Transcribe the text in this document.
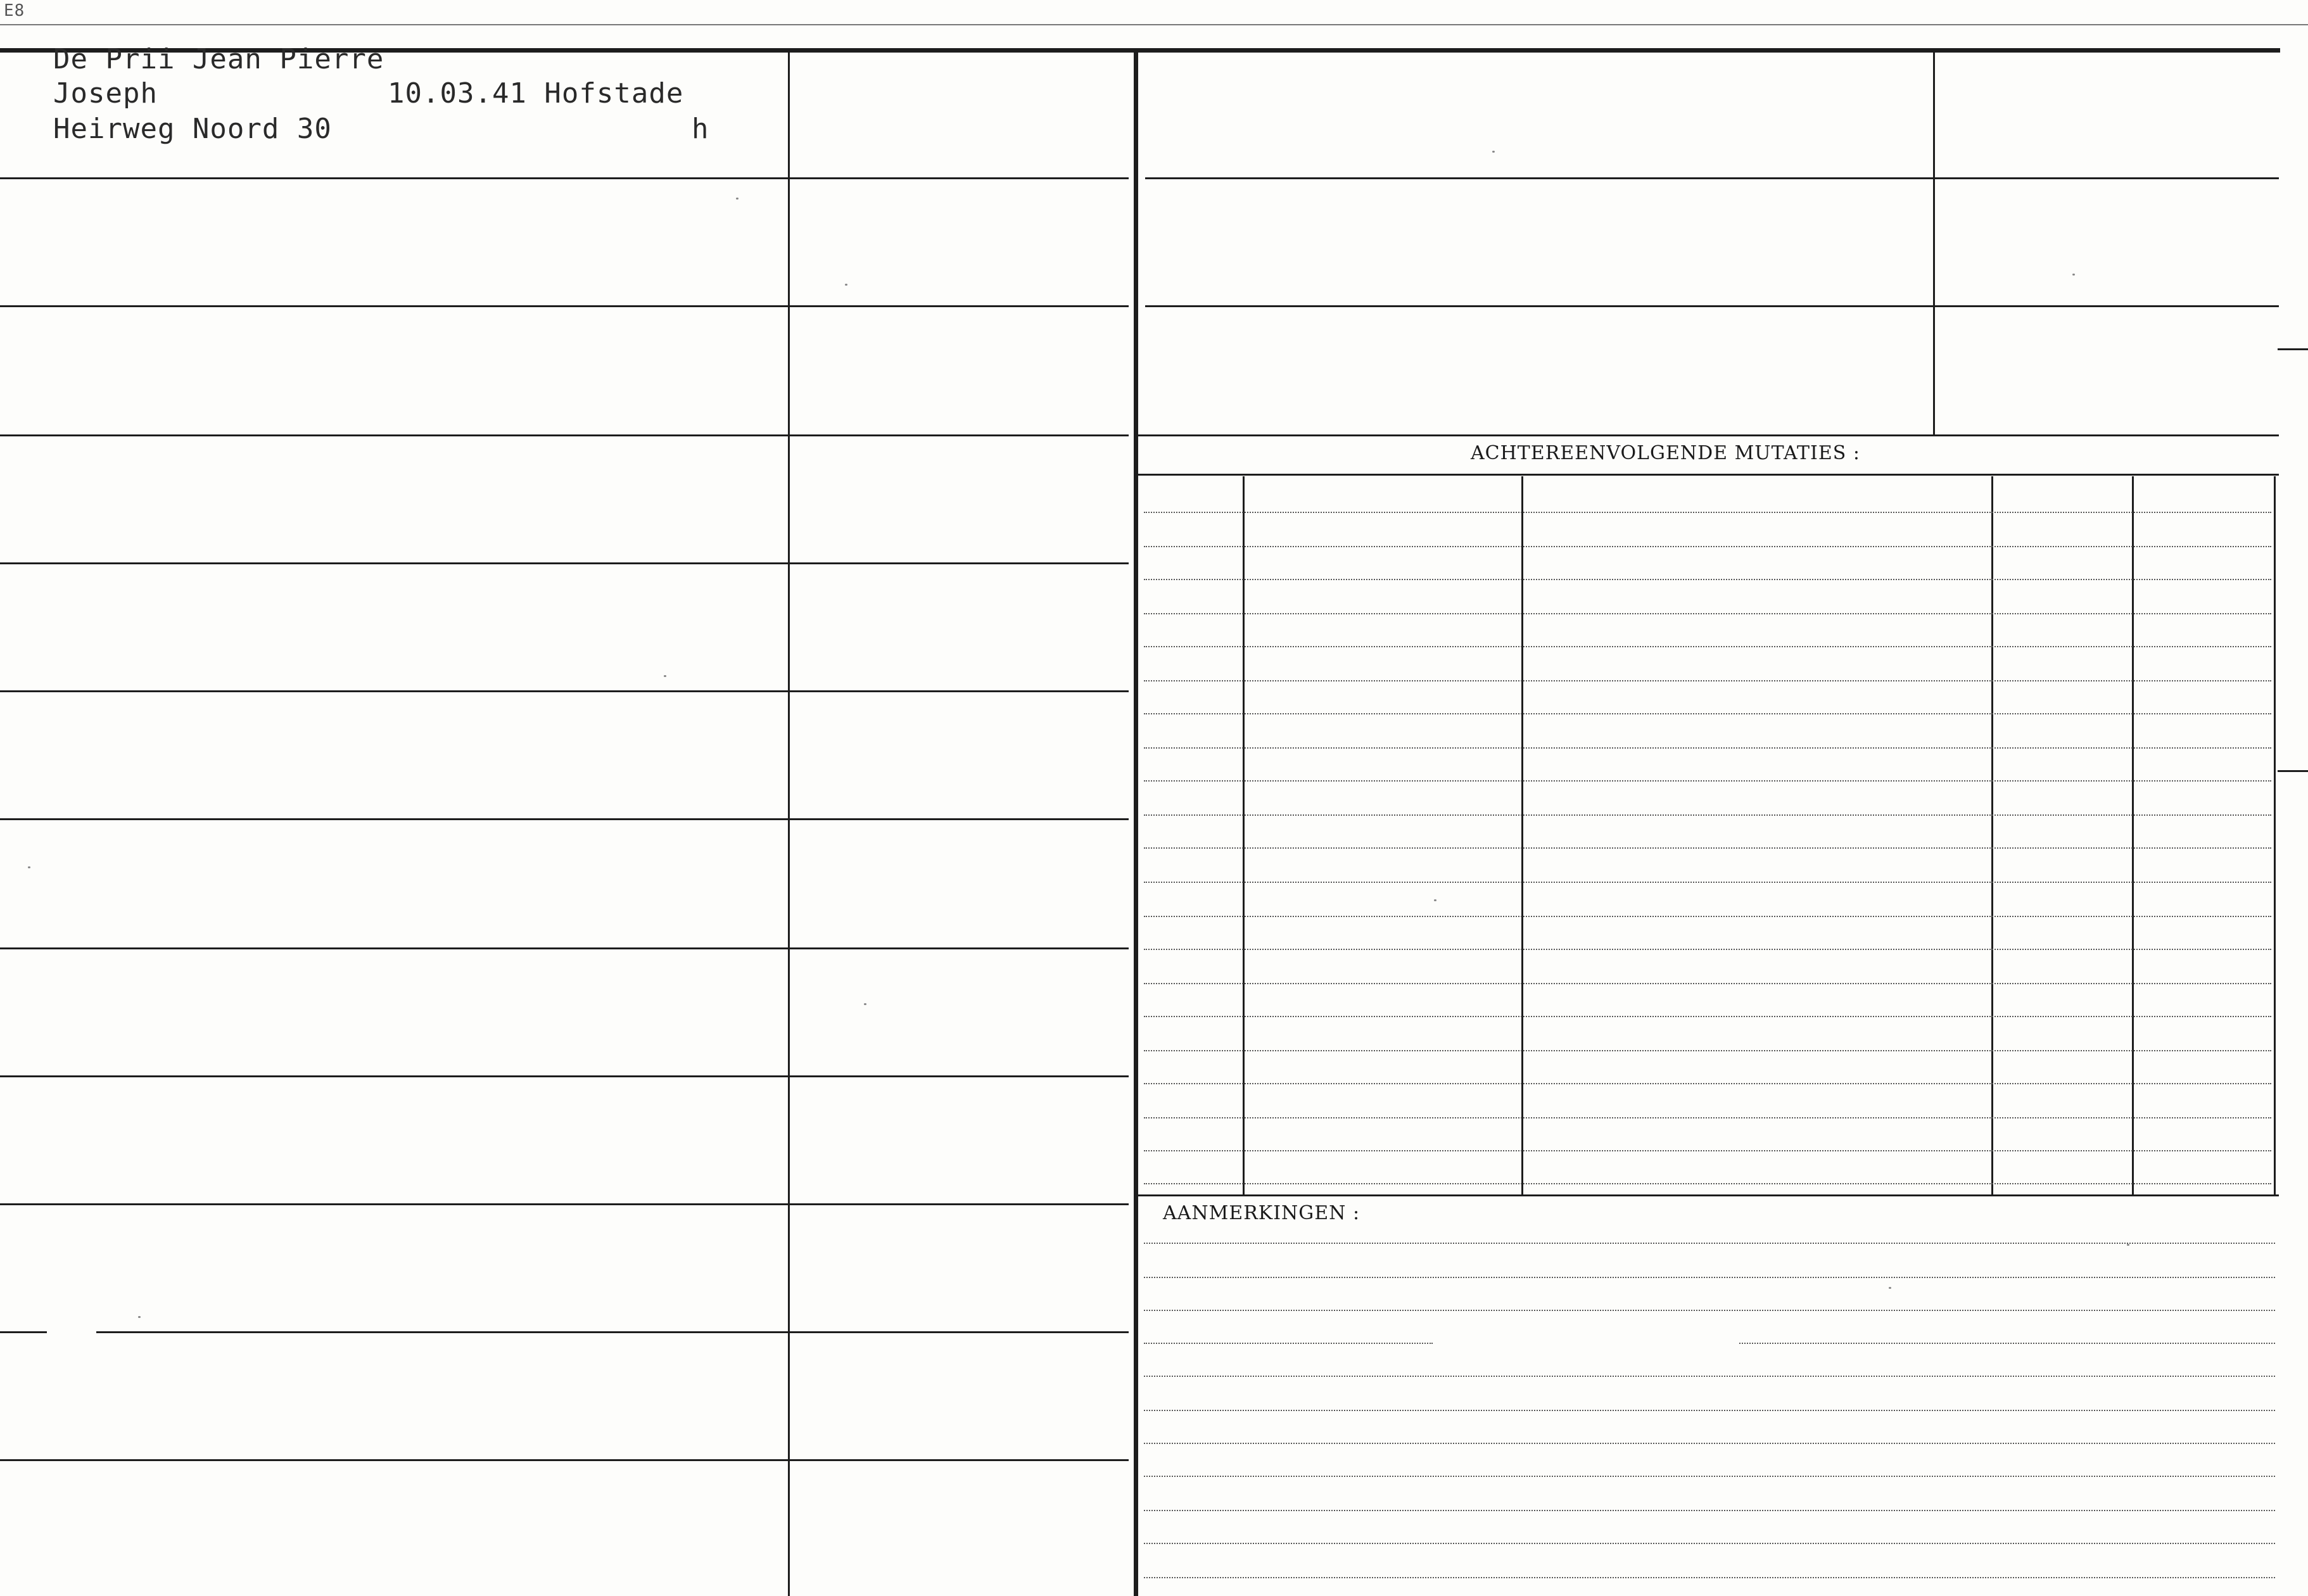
E8
De Prii Jean Pierre
Joseph	10.03.41 Hofstade
Heirweg Noord 30	h
ACHTEREENVOLGENDE MUTATIES :
AANMERKINGEN :
